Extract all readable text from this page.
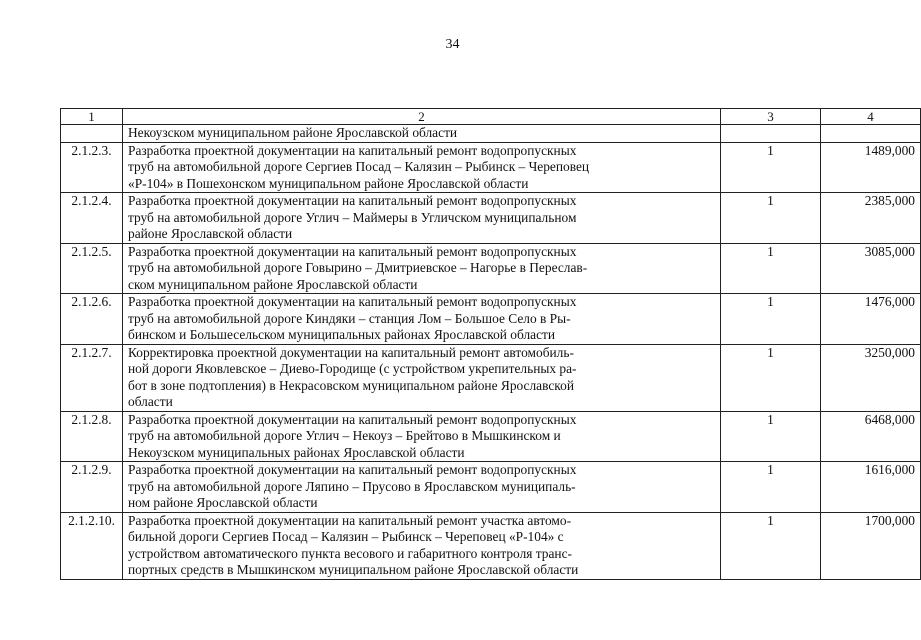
34
1	2	3	4

	Некоузском муниципальном районе Ярославской области		

2.1.2.3.	Разработка проектной документации на капитальный ремонт водопропускных
труб на автомобильной дороге Сергиев Посад – Калязин – Рыбинск – Череповец
«Р-104» в Пошехонском муниципальном районе Ярославской области	1	1489,000
2.1.2.4.	Разработка проектной документации на капитальный ремонт водопропускных
труб на автомобильной дороге Углич – Маймеры в Угличском муниципальном
районе Ярославской области	1	2385,000
2.1.2.5.	Разработка проектной документации на капитальный ремонт водопропускных
труб на автомобильной дороге Говырино – Дмитриевское – Нагорье в Переслав-
ском муниципальном районе Ярославской области	1	3085,000
2.1.2.6.	Разработка проектной документации на капитальный ремонт водопропускных
труб на автомобильной дороге Киндяки – станция Лом – Большое Село в Ры-
бинском и Большесельском муниципальных районах Ярославской области	1	1476,000
2.1.2.7.	Корректировка проектной документации на капитальный ремонт автомобиль-
ной дороги Яковлевское – Диево-Городище (с устройством укрепительных ра-
бот в зоне подтопления) в Некрасовском муниципальном районе Ярославской
области	1	3250,000
2.1.2.8.	Разработка проектной документации на капитальный ремонт водопропускных
труб на автомобильной дороге Углич – Некоуз – Брейтово в Мышкинском и
Некоузском муниципальных районах Ярославской области	1	6468,000
2.1.2.9.	Разработка проектной документации на капитальный ремонт водопропускных
труб на автомобильной дороге Ляпино – Прусово в Ярославском муниципаль-
ном районе Ярославской области	1	1616,000
2.1.2.10.	Разработка проектной документации на капитальный ремонт участка автомо-
бильной дороги Сергиев Посад – Калязин – Рыбинск – Череповец «Р-104» с
устройством автоматического пункта весового и габаритного контроля транс-
портных средств в Мышкинском муниципальном районе Ярославской области	1	1700,000
